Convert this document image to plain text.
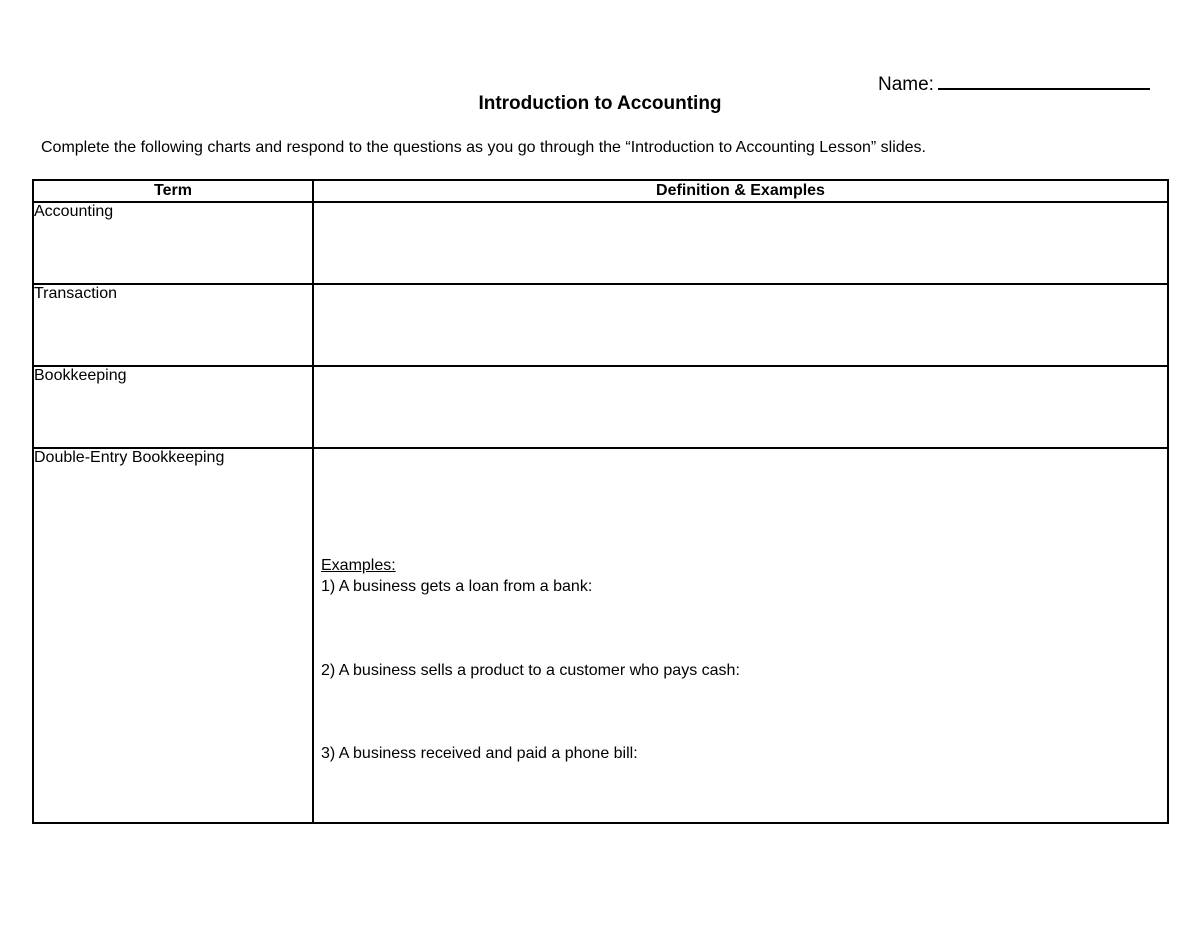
Name:
Introduction to Accounting
Complete the following charts and respond to the questions as you go through the “Introduction to Accounting Lesson” slides.
Term	Definition & Examples
Accounting	
Transaction	
Bookkeeping	
Double-Entry Bookkeeping	Examples:
1) A business gets a loan from a bank:
2) A business sells a product to a customer who pays cash:
3) A business received and paid a phone bill:
